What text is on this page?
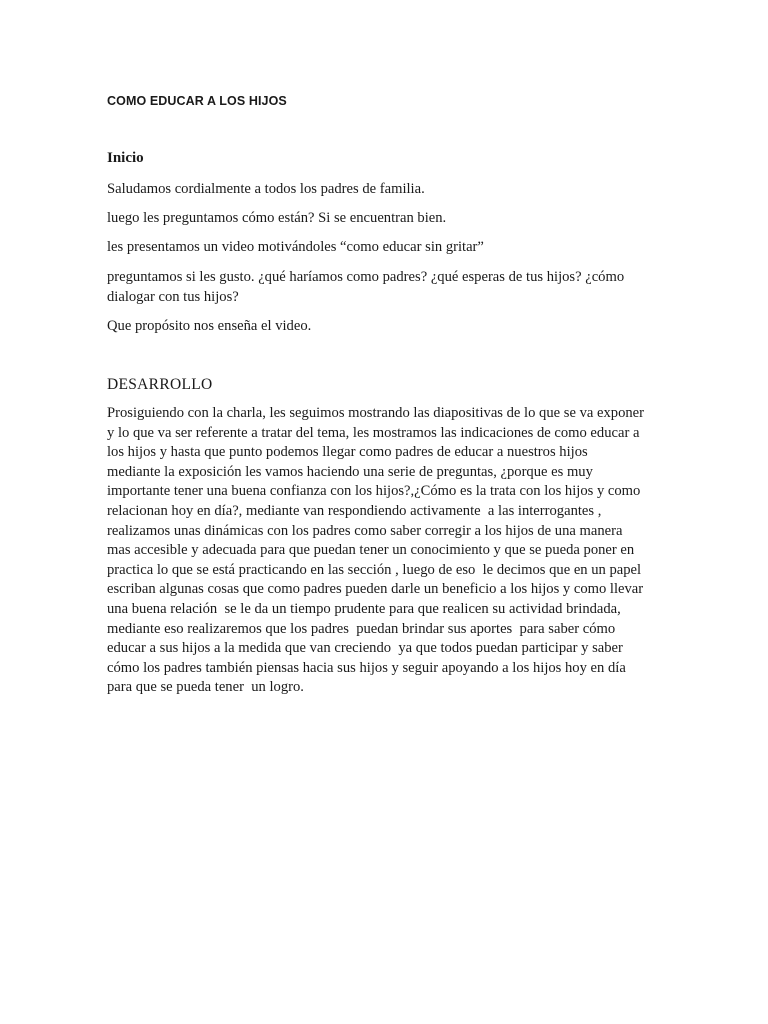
COMO EDUCAR A LOS HIJOS
Inicio

Saludamos cordialmente a todos los padres de familia.

luego les preguntamos cómo están? Si se encuentran bien.

les presentamos un video motivándoles “como educar sin gritar”

preguntamos si les gusto. ¿qué haríamos como padres? ¿qué esperas de tus hijos? ¿cómo
dialogar con tus hijos?

Que propósito nos enseña el video.

DESARROLLO

Prosiguiendo con la charla, les seguimos mostrando las diapositivas de lo que se va exponer
y lo que va ser referente a tratar del tema, les mostramos las indicaciones de como educar a
los hijos y hasta que punto podemos llegar como padres de educar a nuestros hijos
mediante la exposición les vamos haciendo una serie de preguntas, ¿porque es muy
importante tener una buena confianza con los hijos?,¿Cómo es la trata con los hijos y como
relacionan hoy en día?, mediante van respondiendo activamente  a las interrogantes ,
realizamos unas dinámicas con los padres como saber corregir a los hijos de una manera
mas accesible y adecuada para que puedan tener un conocimiento y que se pueda poner en
practica lo que se está practicando en las sección , luego de eso  le decimos que en un papel
escriban algunas cosas que como padres pueden darle un beneficio a los hijos y como llevar
una buena relación  se le da un tiempo prudente para que realicen su actividad brindada,
mediante eso realizaremos que los padres  puedan brindar sus aportes  para saber cómo
educar a sus hijos a la medida que van creciendo  ya que todos puedan participar y saber
cómo los padres también piensas hacia sus hijos y seguir apoyando a los hijos hoy en día
para que se pueda tener  un logro.
